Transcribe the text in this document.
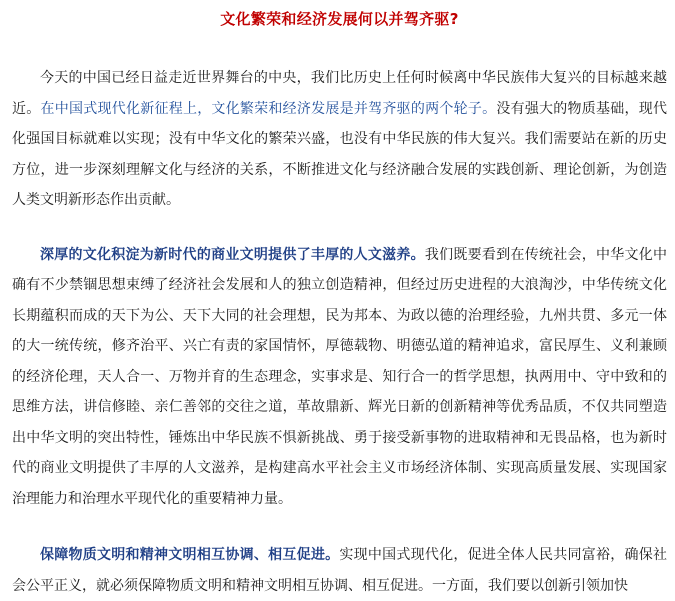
文化繁荣和经济发展何以并驾齐驱?

今天的中国已经日益走近世界舞台的中央，我们比历史上任何时候离中华民族伟大复兴的目标越来越近。在中国式现代化新征程上，文化繁荣和经济发展是并驾齐驱的两个轮子。没有强大的物质基础，现代化强国目标就难以实现；没有中华文化的繁荣兴盛，也没有中华民族的伟大复兴。我们需要站在新的历史方位，进一步深刻理解文化与经济的关系，不断推进文化与经济融合发展的实践创新、理论创新，为创造人类文明新形态作出贡献。

深厚的文化积淀为新时代的商业文明提供了丰厚的人文滋养。我们既要看到在传统社会，中华文化中确有不少禁锢思想束缚了经济社会发展和人的独立创造精神，但经过历史进程的大浪淘沙，中华传统文化长期蕴积而成的天下为公、天下大同的社会理想，民为邦本、为政以德的治理经验，九州共贯、多元一体的大一统传统，修齐治平、兴亡有责的家国情怀，厚德载物、明德弘道的精神追求，富民厚生、义利兼顾的经济伦理，天人合一、万物并育的生态理念，实事求是、知行合一的哲学思想，执两用中、守中致和的思维方法，讲信修睦、亲仁善邻的交往之道，革故鼎新、辉光日新的创新精神等优秀品质，不仅共同塑造出中华文明的突出特性，锤炼出中华民族不惧新挑战、勇于接受新事物的进取精神和无畏品格，也为新时代的商业文明提供了丰厚的人文滋养，是构建高水平社会主义市场经济体制、实现高质量发展、实现国家治理能力和治理水平现代化的重要精神力量。

保障物质文明和精神文明相互协调、相互促进。实现中国式现代化，促进全体人民共同富裕，确保社会公平正义，就必须保障物质文明和精神文明相互协调、相互促进。一方面，我们要以创新引领加快
